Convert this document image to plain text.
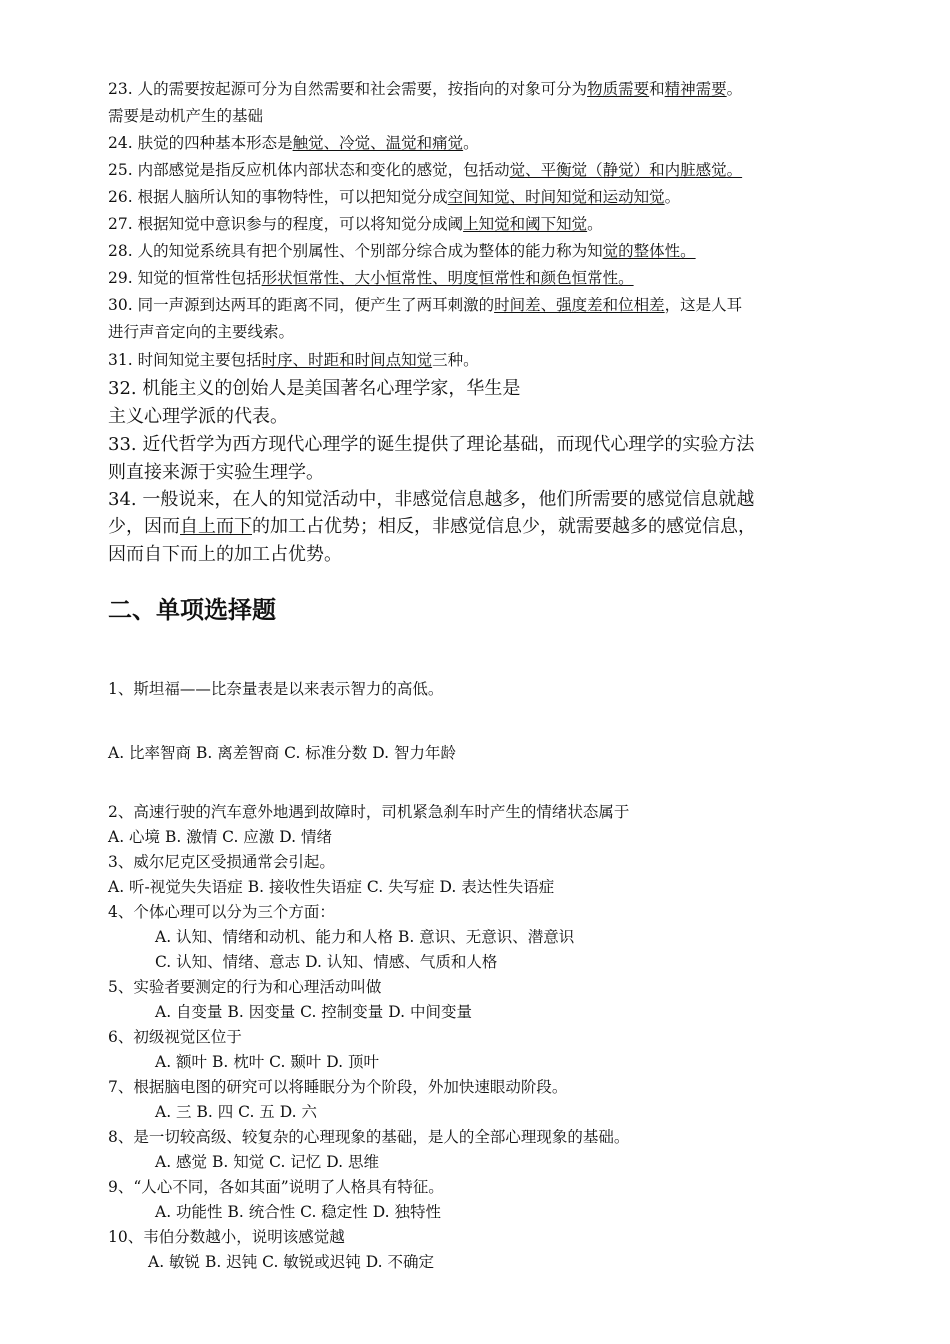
23. 人的需要按起源可分为自然需要和社会需要，按指向的对象可分为物质需要和精神需要。
需要是动机产生的基础
24. 肤觉的四种基本形态是触觉、冷觉、温觉和痛觉。
25. 内部感觉是指反应机体内部状态和变化的感觉，包括动觉、平衡觉（静觉）和内脏感觉。
26. 根据人脑所认知的事物特性，可以把知觉分成空间知觉、时间知觉和运动知觉。
27. 根据知觉中意识参与的程度，可以将知觉分成阈上知觉和阈下知觉。
28. 人的知觉系统具有把个别属性、个别部分综合成为整体的能力称为知觉的整体性。
29. 知觉的恒常性包括形状恒常性、大小恒常性、明度恒常性和颜色恒常性。
30. 同一声源到达两耳的距离不同，便产生了两耳刺激的时间差、强度差和位相差，这是人耳
进行声音定向的主要线索。
31. 时间知觉主要包括时序、时距和时间点知觉三种。
32. 机能主义的创始人是美国著名心理学家，华生是
主义心理学派的代表。
33. 近代哲学为西方现代心理学的诞生提供了理论基础，而现代心理学的实验方法
则直接来源于实验生理学。
34. 一般说来，在人的知觉活动中，非感觉信息越多，他们所需要的感觉信息就越
少，因而自上而下的加工占优势；相反，非感觉信息少，就需要越多的感觉信息，
因而自下而上的加工占优势。
二、单项选择题
1、斯坦福——比奈量表是以来表示智力的高低。
A. 比率智商 B. 离差智商 C. 标准分数 D. 智力年龄
2、高速行驶的汽车意外地遇到故障时，司机紧急刹车时产生的情绪状态属于
A. 心境 B. 激情 C. 应激 D. 情绪
3、威尔尼克区受损通常会引起。
A. 听-视觉失失语症 B. 接收性失语症 C. 失写症 D. 表达性失语症
4、个体心理可以分为三个方面：
A. 认知、情绪和动机、能力和人格 B. 意识、无意识、潜意识
C. 认知、情绪、意志 D. 认知、情感、气质和人格
5、实验者要测定的行为和心理活动叫做
A. 自变量 B. 因变量 C. 控制变量 D. 中间变量
6、初级视觉区位于
A. 额叶 B. 枕叶 C. 颞叶 D. 顶叶
7、根据脑电图的研究可以将睡眠分为个阶段，外加快速眼动阶段。
A. 三 B. 四 C. 五 D. 六
8、是一切较高级、较复杂的心理现象的基础，是人的全部心理现象的基础。
A. 感觉 B. 知觉 C. 记忆 D. 思维
9、“人心不同，各如其面”说明了人格具有特征。
A. 功能性 B. 统合性 C. 稳定性 D. 独特性
10、韦伯分数越小，说明该感觉越
A. 敏锐 B. 迟钝 C. 敏锐或迟钝 D. 不确定
